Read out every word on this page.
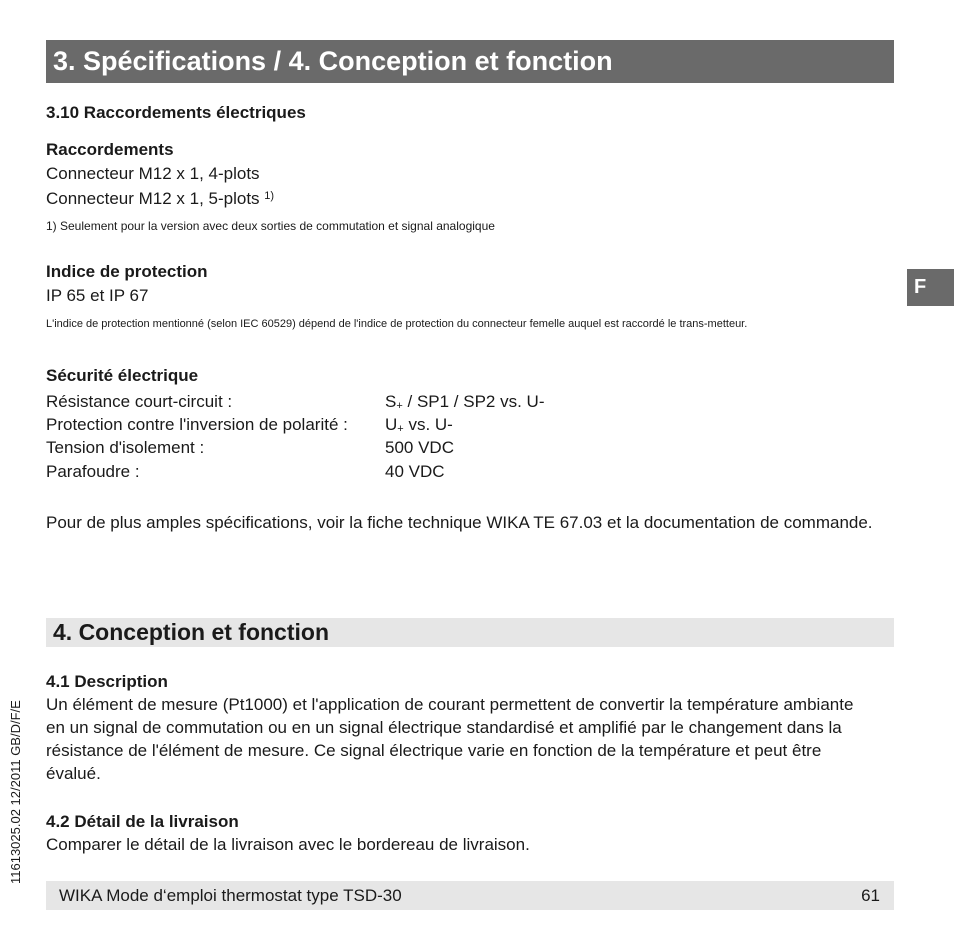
3. Spécifications / 4. Conception et fonction
3.10 Raccordements électriques
Raccordements
Connecteur M12 x 1, 4-plots
Connecteur M12 x 1, 5-plots $^{1)}$
1) Seulement pour la version avec deux sorties de commutation et signal analogique
Indice de protection
IP 65 et IP 67
L'indice de protection mentionné (selon IEC 60529) dépend de l'indice de protection du connecteur femelle auquel est raccordé le trans-metteur.
Sécurité électrique
Résistance court-circuit :	$S_+ / SP1 / SP2$ vs. U-
Protection contre l'inversion de polarité : $U_+$ vs. U-
Tension d'isolement :	500 VDC
Parafoudre :	40 VDC
Pour de plus amples spécifications, voir la fiche technique WIKA TE 67.03 et la documentation de commande.
4. Conception et fonction
4.1 Description
Un élément de mesure (Pt1000) et l'application de courant permettent de convertir la température ambiante en un signal de commutation ou en un signal électrique standardisé et amplifié par le changement dans la résistance de l'élément de mesure. Ce signal électrique varie en fonction de la température et peut être évalué.
4.2 Détail de la livraison
Comparer le détail de la livraison avec le bordereau de livraison.
F
11613025.02 12/2011 GB/D/F/E
WIKA Mode d‘emploi thermostat type TSD-30	61
